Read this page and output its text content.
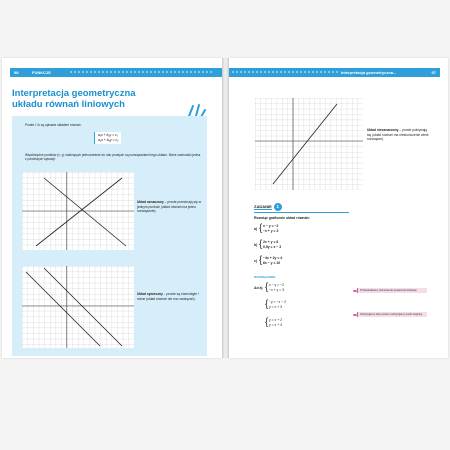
98	FUNKCJE
Interpretacja geometryczna układu równań liniowych
Proste l i k są opisane układem równań:
a₁x + b₁y = c₁
a₂x + b₂y = c₂
Współrzędne punktów (x, y) należących jednocześnie do obu prostych są rozwiązaniami tego układu. Może zachodzić jedna z poniższych sytuacji:
Układ oznaczony – proste przecinają się w jednym punkcie (układ równań ma jedno rozwiązanie).
Układ sprzeczny – proste są równoległe i różne (układ równań nie ma rozwiązań).
Interpretacja geometryczna...	97
Układ nieoznaczony – proste pokrywają się (układ równań ma nieskończenie wiele rozwiązań).
ZADANIE	1
Rozwiąż graficznie układ równań:
a) { x − y = −2
−x + y = 3
b) { 2x + y = 6
0,5y = x − 3
c) { −4x + 2y = 4
6x − y = 10
ROZWIĄZANIE:
Ad a) { x − y = −2
−x + y = 3
{ −y = −x − 2
y = x + 3
{ y = x + 2
y = x + 3
Przekształcamy równania do postaci kierunkowej.
Odczytujemy obie proste i odczytujemy punkt wspólny.
